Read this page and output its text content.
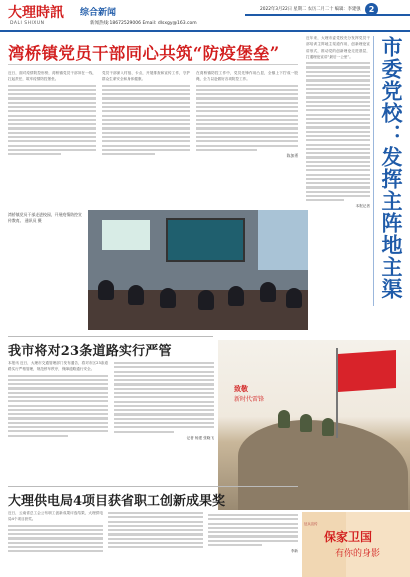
大理時訊
DALI SHIXUN
综合新闻
新闻热线:18672529006 Email: dlsxgy@163.com
2022年3月22日 星期二 农历二月二十 编辑：李建强	2
湾桥镇党员干部同心共筑“防疫堡垒”
近日，面对疫情防控形势，湾桥镇党员干部冲在一线，扛起责任，筑牢疫情防控堡垒。
党员干部深入村组、卡点，开展排查和宣传工作，守护群众生命安全和身体健康。
在湾桥镇防控工作中，党员先锋作用凸显，全镇上下拧成一股绳，全力以赴做好各项防控工作。
陈加勇
湾桥镇党员干部走进校园，开展疫情防控宣传教育。 通讯员 摄
市委党校：发挥主阵地主渠
近年来，大理市委党校充分发挥党员干部培训主阵地主渠道作用，创新理论宣讲形式，推动党的创新理论走进基层，打通理论宣讲“最后一公里”。
本报记者
我市将对23条道路实行严管
本报讯 近日，大理市交通管理部门发布通告，将对市区23条道路实行严格管理，规范停车秩序，保障道路通行安全。
记者 杨建 张晓飞
致敬
新时代雷锋
大理供电局4项目获省职工创新成果奖
近日，云南省总工会公布职工创新成果评选结果，大理供电局4个项目获奖。
李新
征兵宣传
保家卫国
有你的身影
